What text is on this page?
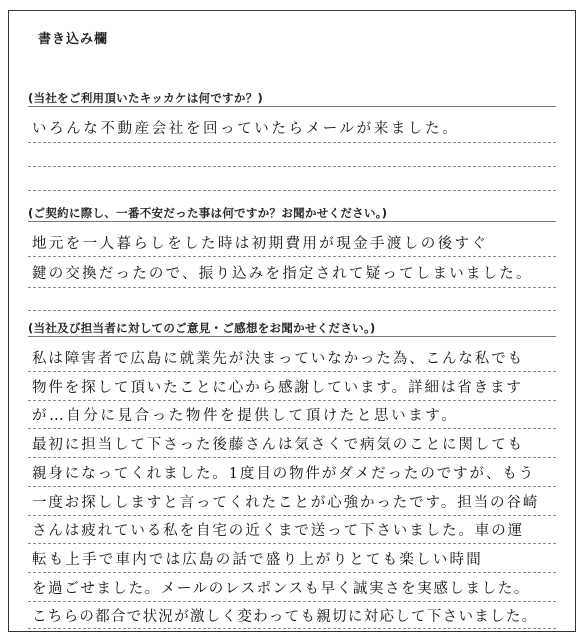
書き込み欄
(当社をご利用頂いたキッカケは何ですか？)
いろんな不動産会社を回っていたらメールが来ました。
(ご契約に際し、一番不安だった事は何ですか？お聞かせください。)
地元を一人暮らしをした時は初期費用が現金手渡しの後すぐ
鍵の交換だったので、振り込みを指定されて疑ってしまいました。
(当社及び担当者に対してのご意見・ご感想をお聞かせください。)
私は障害者で広島に就業先が決まっていなかった為、こんな私でも
物件を探して頂いたことに心から感謝しています。詳細は省きます
が…自分に見合った物件を提供して頂けたと思います。
最初に担当して下さった後藤さんは気さくで病気のことに関しても
親身になってくれました。1度目の物件がダメだったのですが、もう
一度お探ししますと言ってくれたことが心強かったです。担当の谷崎
さんは疲れている私を自宅の近くまで送って下さいました。車の運
転も上手で車内では広島の話で盛り上がりとても楽しい時間
を過ごせました。メールのレスポンスも早く誠実さを実感しました。
こちらの都合で状況が激しく変わっても親切に対応して下さいました。
